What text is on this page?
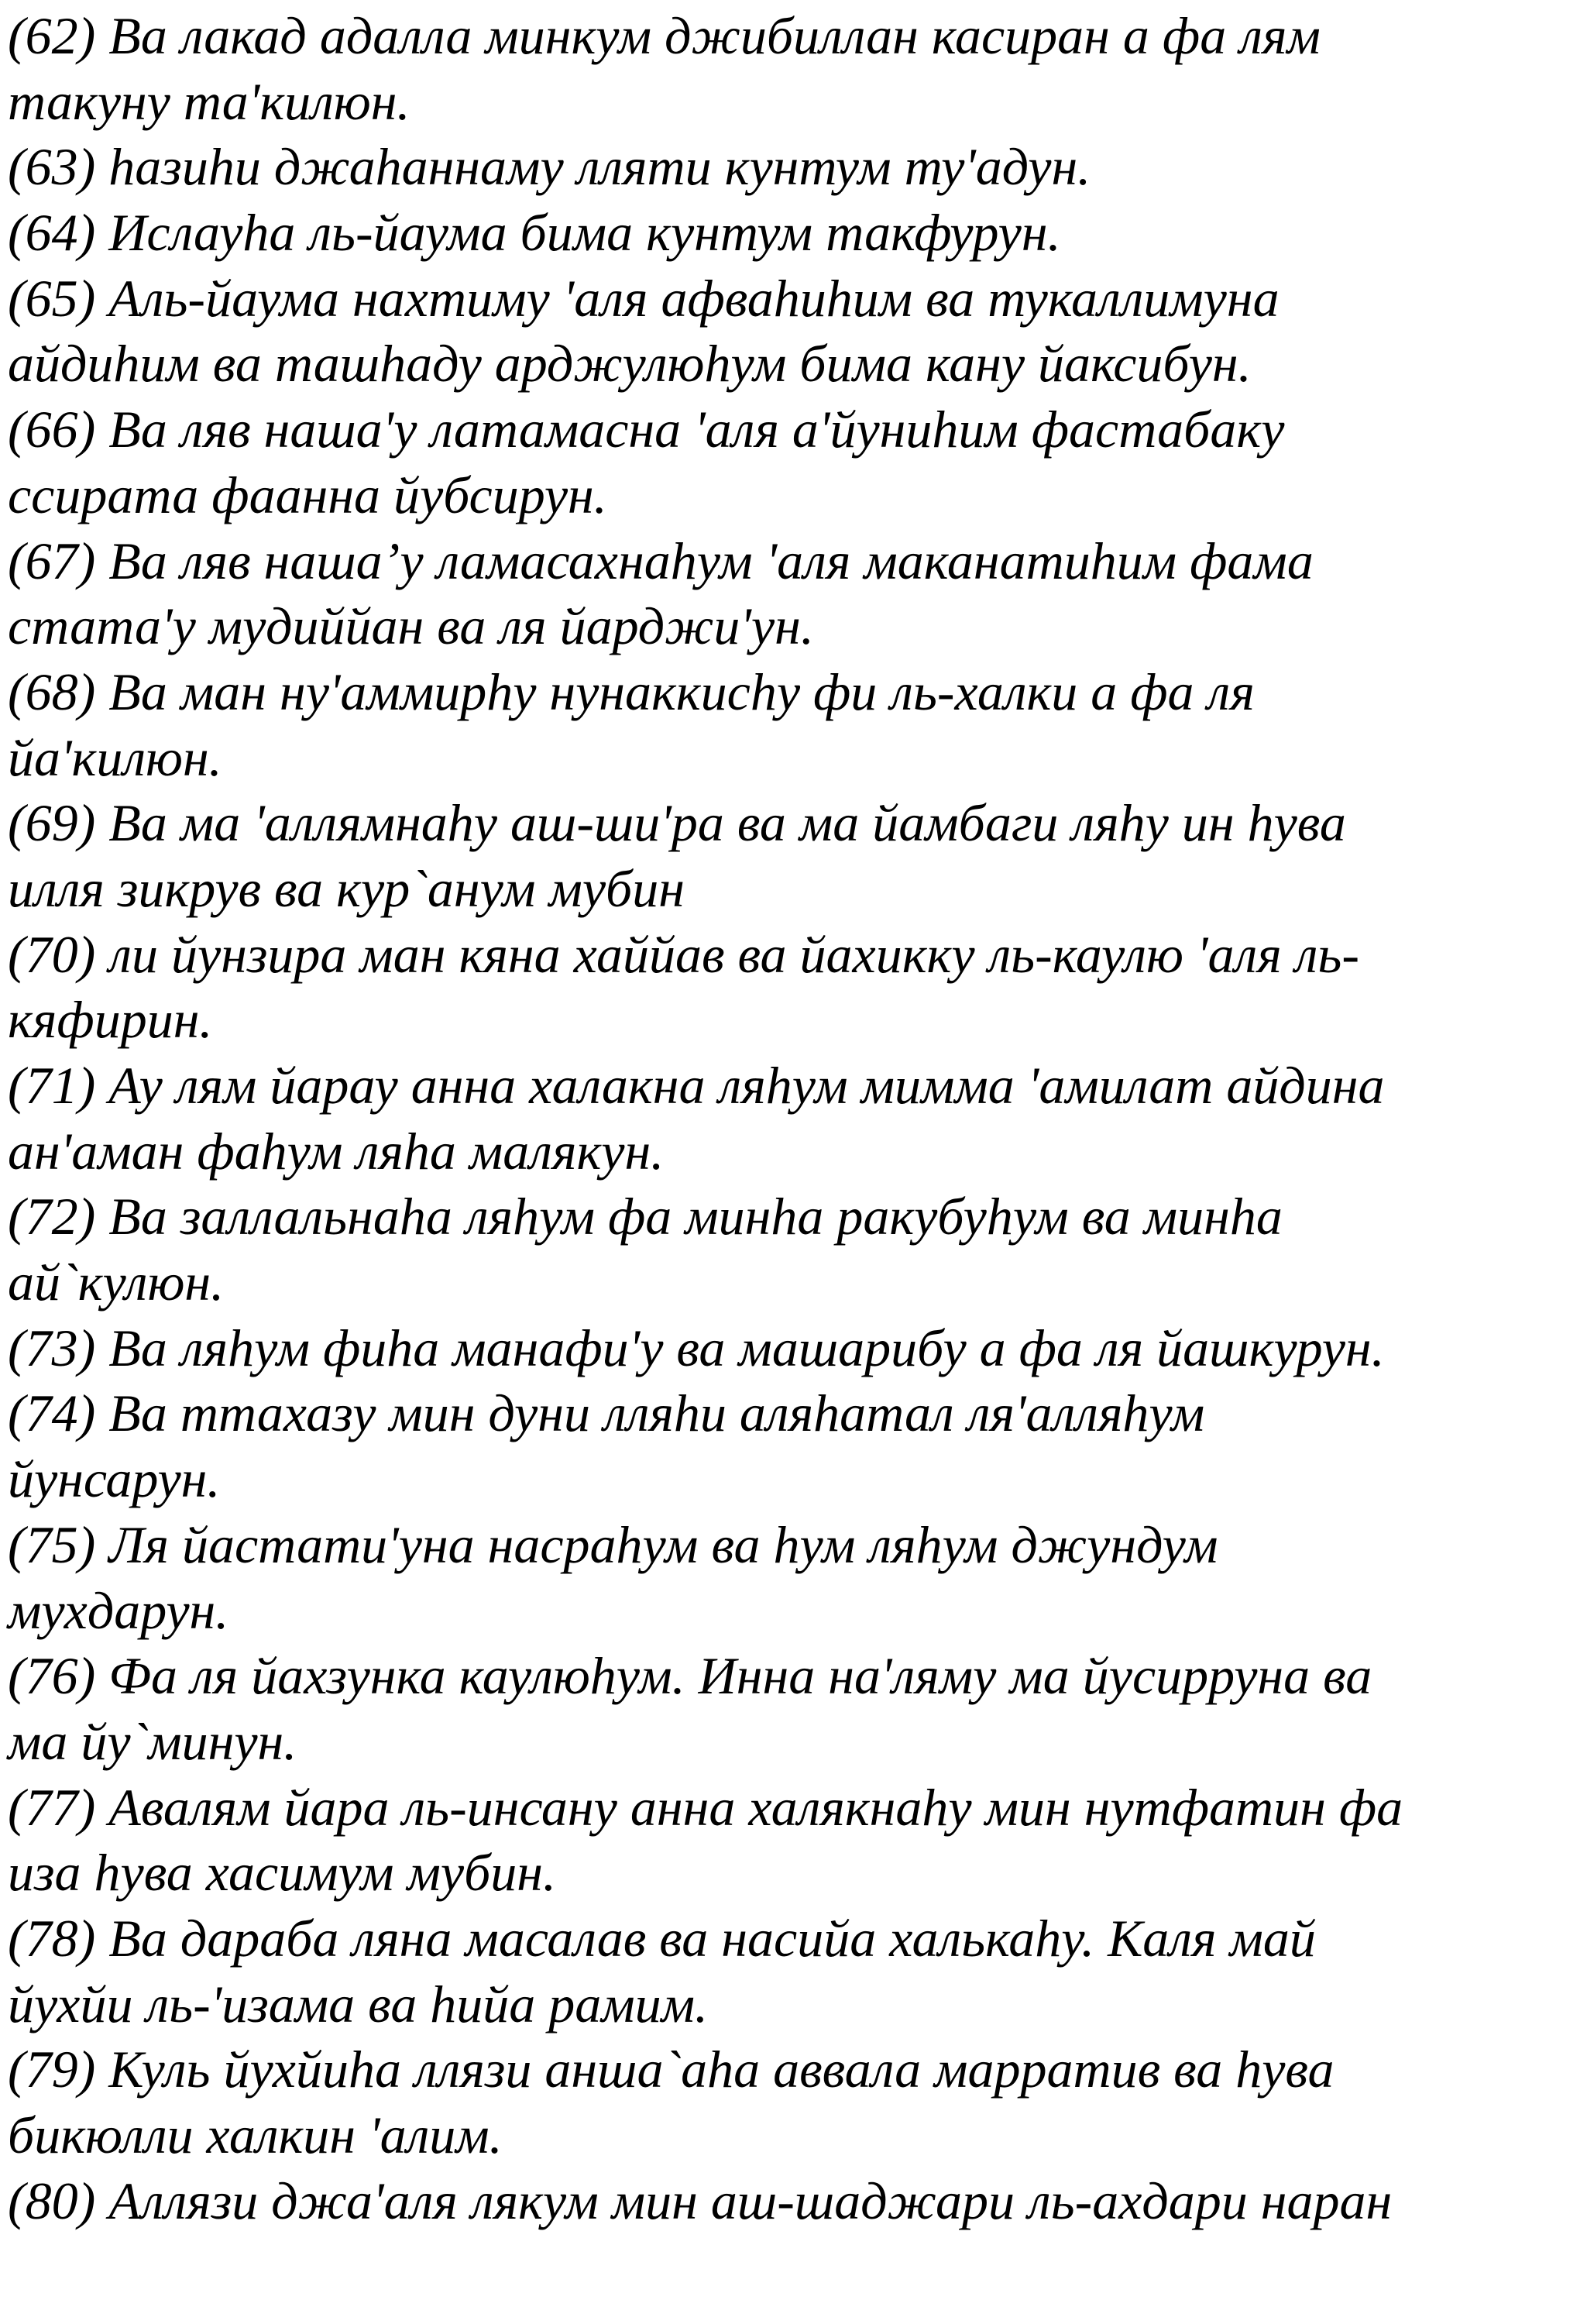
(62) Ва лакад адалла минкум джибиллан касиран а фа лям
такуну та'килюн.
(63) һазиһи джаһаннаму лляти кунтум ту'адун.
(64) Ислауһа ль-йаума бима кунтум такфурун.
(65) Аль-йаума нахтиму 'аля афваһиһим ва тукаллимуна
айдиһим ва ташһаду арджулюһум бима кану йаксибун.
(66) Ва ляв наша'у латамасна 'аля а'йуниһим фастабаку
ссирата фаанна йубсирун.
(67) Ва ляв наша’у ламасахнаһум 'аля маканатиһим фама
стата'у мудиййан ва ля йарджи'ун.
(68) Ва ман ну'аммирһу нунаккисһу фи ль-халки а фа ля
йа'килюн.
(69) Ва ма 'аллямнаһу аш-ши'ра ва ма йамбаги ляһу ин һува
илля зикрув ва кур`анум мубин
(70) ли йунзира ман кяна хаййав ва йахикку ль-каулю 'аля ль-
кяфирин.
(71) Ау лям йарау анна халакна ляһум мимма 'амилат айдина
ан'аман фаһум ляһа малякун.
(72) Ва заллальнаһа ляһум фа минһа ракубуһум ва минһа
ай`кулюн.
(73) Ва ляһум фиһа манафи'у ва машарибу а фа ля йашкурун.
(74) Ва ттахазу мин дуни лляһи аляһатал ля'алляһум
йунсарун.
(75) Ля йастати'уна насраһум ва һум ляһум джундум
мухдарун.
(76) Фа ля йахзунка каулюһум. Инна на'ляму ма йусирруна ва
ма йу`минун.
(77) Авалям йара ль-инсану анна халякнаһу мин нутфатин фа
иза һува хасимум мубин.
(78) Ва дараба ляна масалав ва насийа халькаһу. Каля май
йухйи ль-'изама ва һийа рамим.
(79) Куль йухйиһа ллязи анша`аһа аввала марратив ва һува
бикюлли халкин 'алим.
(80) Аллязи джа'аля лякум мин аш-шаджари ль-ахдари наран
